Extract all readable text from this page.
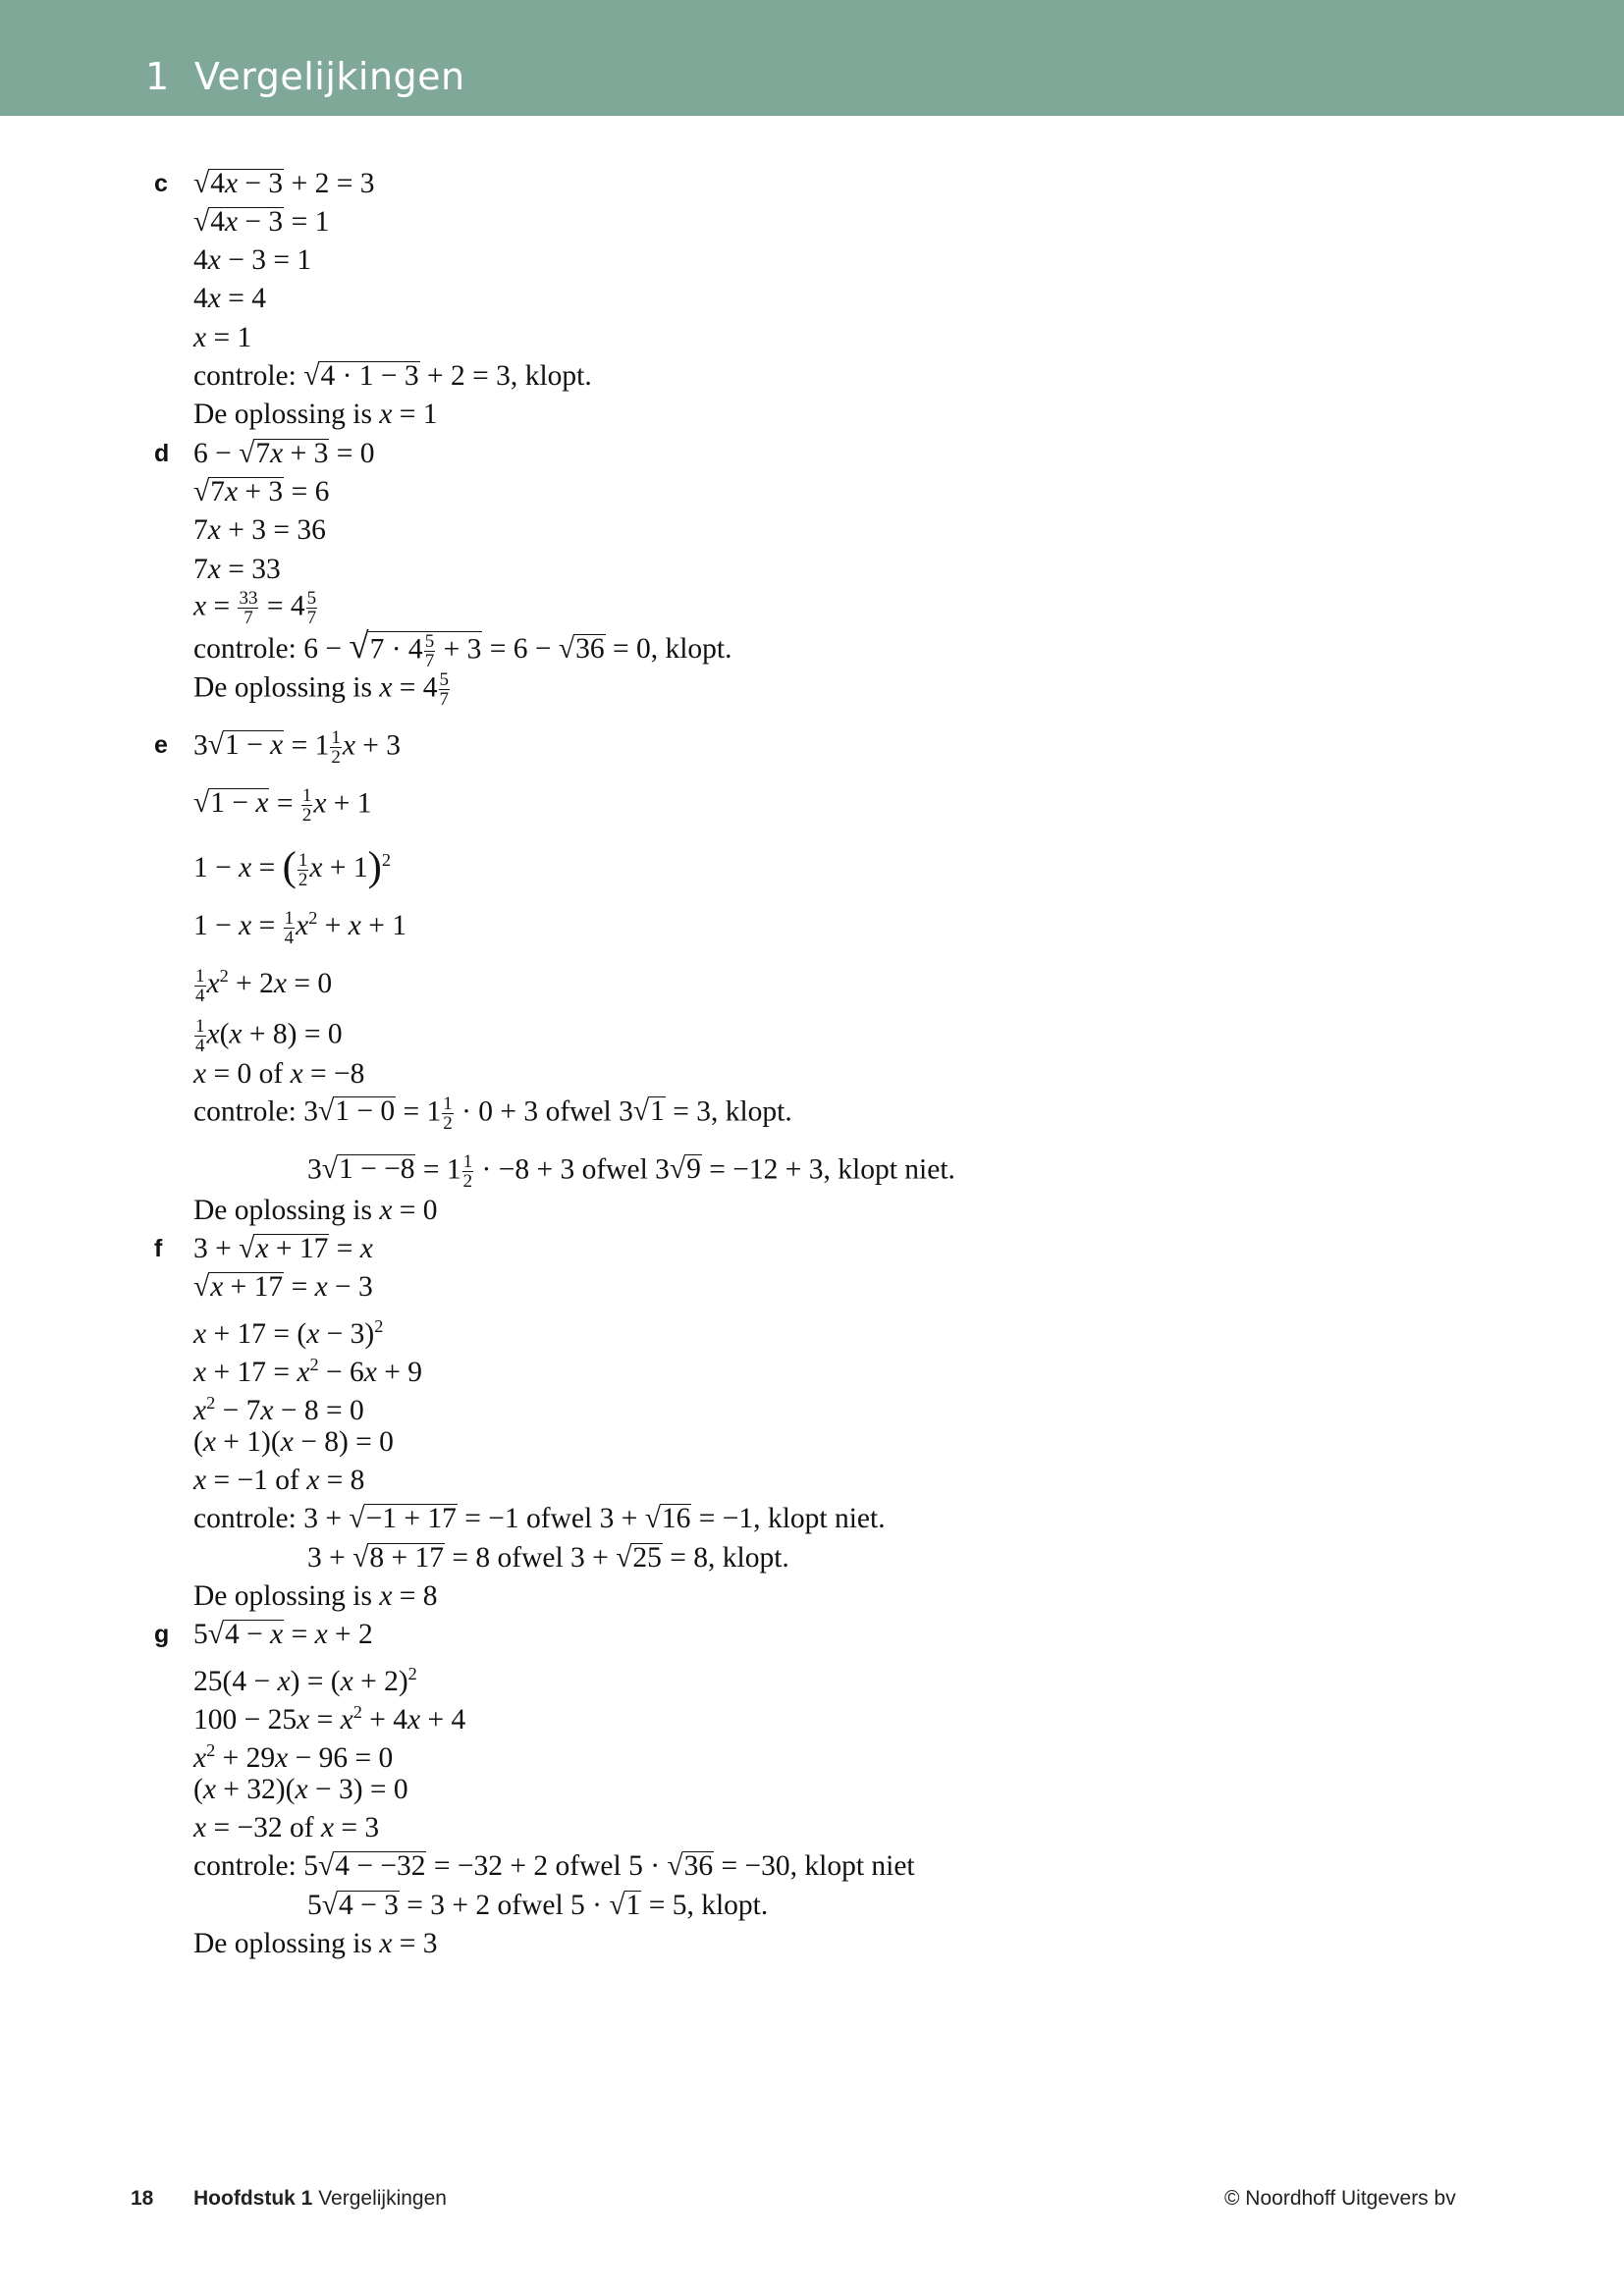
1 Vergelijkingen
c √4x − 3 + 2 = 3
√4x − 3 = 1
4x − 3 = 1
4x = 4
x = 1
controle: √4 · 1 − 3 + 2 = 3, klopt.
De oplossing is x = 1
d 6 − √7x + 3 = 0
√7x + 3 = 6
7x + 3 = 36
7x = 33
$x = \frac{33}{7} = 4 \frac{5}{7}$
controle: $6 - √7 \cdot 4 \frac{5}{7} + 3 = 6 - √36 = 0$, klopt.
De oplossing is $x = 4 \frac{5}{7}$
e $3√1 - x = 1 \frac{1}{2}$ x + 3
$√1 - x = \frac{1}{2}$ x + 1
1 − x = ( $\frac{1}{2}$ x + 1)$^2$
$1 - x = \frac{1}{4} x^2 + x + 1$
$\frac{1}{4} x^2 + 2x = 0$
$\frac{1}{4} x(x + 8) = 0$
x = 0 of x = −8
controle: $3√1 - 0 = 1 \frac{1}{2} \cdot 0 + 3$ ofwel 3√1 = 3, klopt.
$3√1 - -8 = 1 \frac{1}{2} \cdot -8 + 3$ ofwel 3√9 = −12 + 3, klopt niet.
De oplossing is x = 0
f 3 + √x + 17 = x
√x + 17 = x − 3
$x + 17 = (x - 3)^2$
$x + 17 = x^2 - 6x + 9$
$x^2 - 7x - 8 = 0$
(x + 1)(x − 8) = 0
x = −1 of x = 8
controle: 3 + √−1 + 17 = −1 ofwel 3 + √16 = −1, klopt niet.
3 + √8 + 17 = 8 ofwel 3 + √25 = 8, klopt.
De oplossing is x = 8
g 5√4 − x = x + 2
$25(4 - x) = (x + 2)^2$
$100 - 25x = x^2 + 4x + 4$
$x^2 + 29x - 96 = 0$
(x + 32)(x − 3) = 0
x = −32 of x = 3
controle: 5√4 − −32 = −32 + 2 ofwel 5 · √36 = −30, klopt niet
5√4 − 3 = 3 + 2 ofwel 5 · √1 = 5, klopt.
De oplossing is x = 3
18 Hoofdstuk 1 Vergelijkingen	© Noordhoff Uitgevers bv
